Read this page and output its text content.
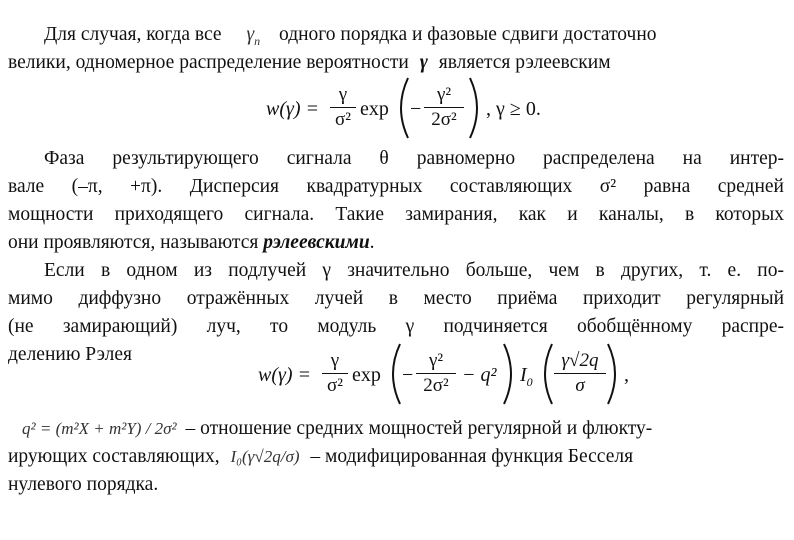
Для случая, когда все $\gamma_n$ одного порядка и фазовые сдвиги достаточно
велики, одномерное распределение вероятности γ является рэлеевским
w(γ) =
γ
σ² exp −
γ²
2σ²	, γ ≥ 0.
Фаза результирующего сигнала θ равномерно распределена на интер-
вале (–π, +π). Дисперсия квадратурных составляющих σ² равна средней
мощности приходящего сигнала. Такие замирания, как и каналы, в которых
они проявляются, называются рэлеевскими.
Если в одном из подлучей γ значительно больше, чем в других, т. е. по-
мимо диффузно отражённых лучей в место приёма приходит регулярный
(не замирающий) луч, то модуль γ подчиняется обобщённому распре-
делению Рэлея
w(γ) =
γ
σ² exp −
γ²
2σ² − q² $I_0$
γ√2q
σ	,
q² = (m²X + m²Y) / 2σ² – отношение средних мощностей регулярной и флюкту-
ирующих составляющих, I₀(γ√2q/σ) – модифицированная функция Бесселя
нулевого порядка.
